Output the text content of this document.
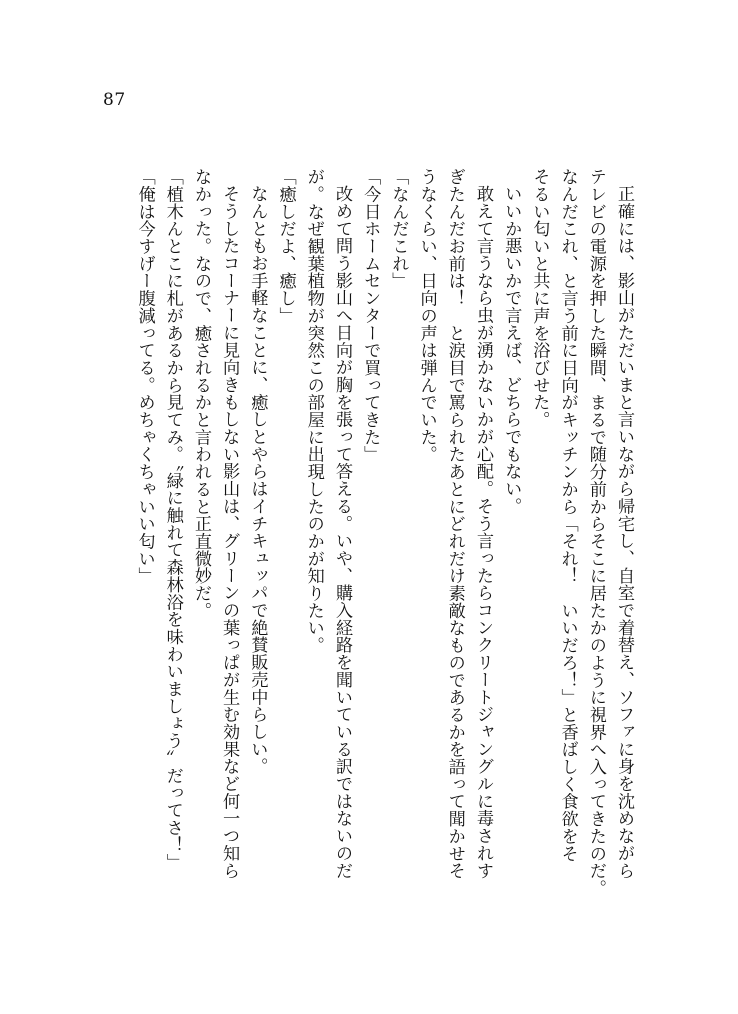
87
正確には、影山がただいまと言いながら帰宅し、自室で着替え、ソファに身を沈めながら
テレビの電源を押した瞬間、まるで随分前からそこに居たかのように視界へ入ってきたのだ。
なんだこれ、と言う前に日向がキッチンから「それ！　いいだろ！」と香ばしく食欲をそ
そるい匂いと共に声を浴びせた。
いいか悪いかで言えば、どちらでもない。
敢えて言うなら虫が湧かないかが心配。そう言ったらコンクリートジャングルに毒されす
ぎたんだお前は！　と涙目で罵られたあとにどれだけ素敵なものであるかを語って聞かせそ
うなくらい、日向の声は弾んでいた。
「なんだこれ」
「今日ホームセンターで買ってきた」
改めて問う影山へ日向が胸を張って答える。いや、購入経路を聞いている訳ではないのだ
が。なぜ観葉植物が突然この部屋に出現したのかが知りたい。
「癒しだよ、癒し」
なんともお手軽なことに、癒しとやらはイチキュッパで絶賛販売中らしい。
そうしたコーナーに見向きもしない影山は、グリーンの葉っぱが生む効果など何一つ知ら
なかった。なので、癒されるかと言われると正直微妙だ。
「植木んとこに札があるから見てみ。〝緑に触れて森林浴を味わいましょう〟だってさ！」
「俺は今すげー腹減ってる。めちゃくちゃいい匂い」
